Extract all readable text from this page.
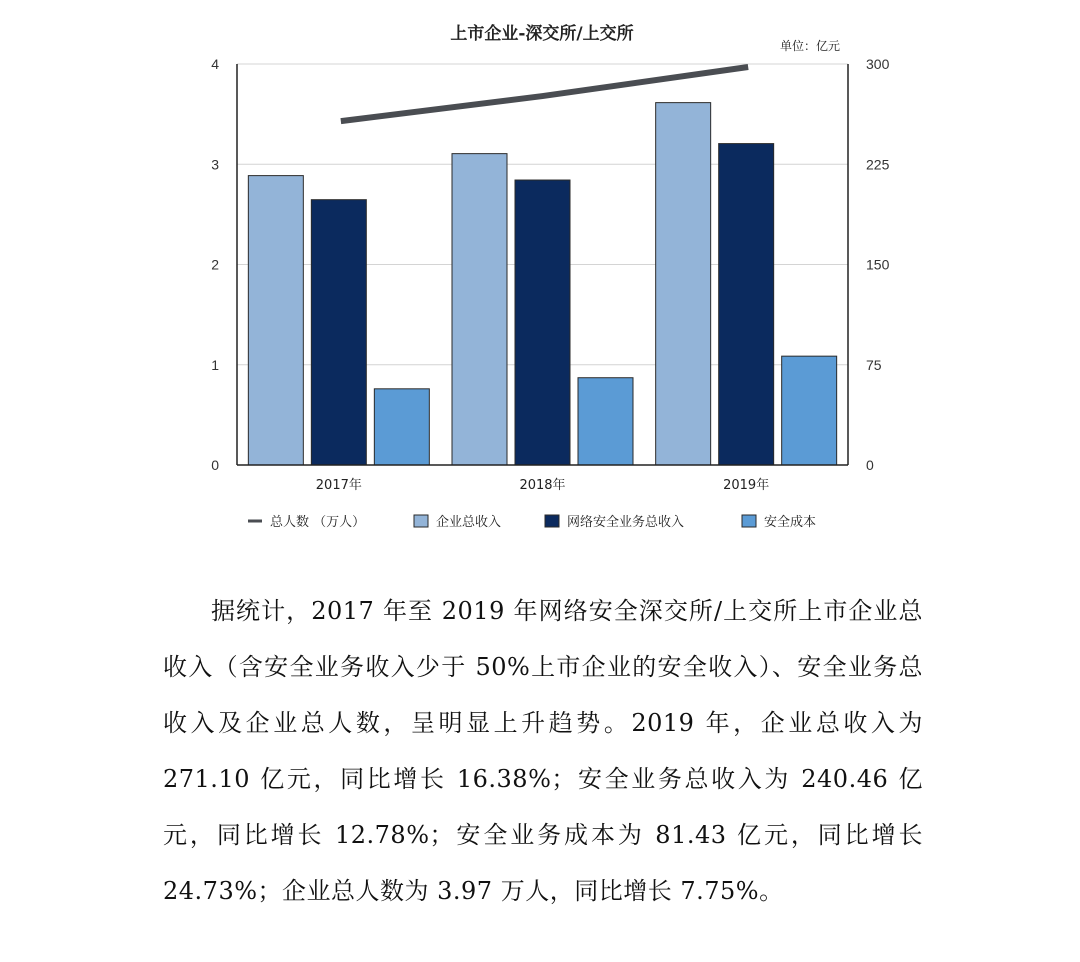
上市企业-深交所/上交所
单位：亿元
0	0
1	75
2	150
3	225
4	300
2017年	2018年	2019年
总人数 （万人）	企业总收入	网络安全业务总收入	安全成本

据统计，2017 年至 2019 年网络安全深交所/上交所上市企业总收入（含安全业务收入少于 50%上市企业的安全收入）、安全业务总收入及企业总人数，呈明显上升趋势。2019 年，企业总收入为 271.10 亿元，同比增长 16.38%；安全业务总收入为 240.46 亿元，同比增长 12.78%；安全业务成本为 81.43 亿元，同比增长 24.73%；企业总人数为 3.97 万人，同比增长 7.75%。
